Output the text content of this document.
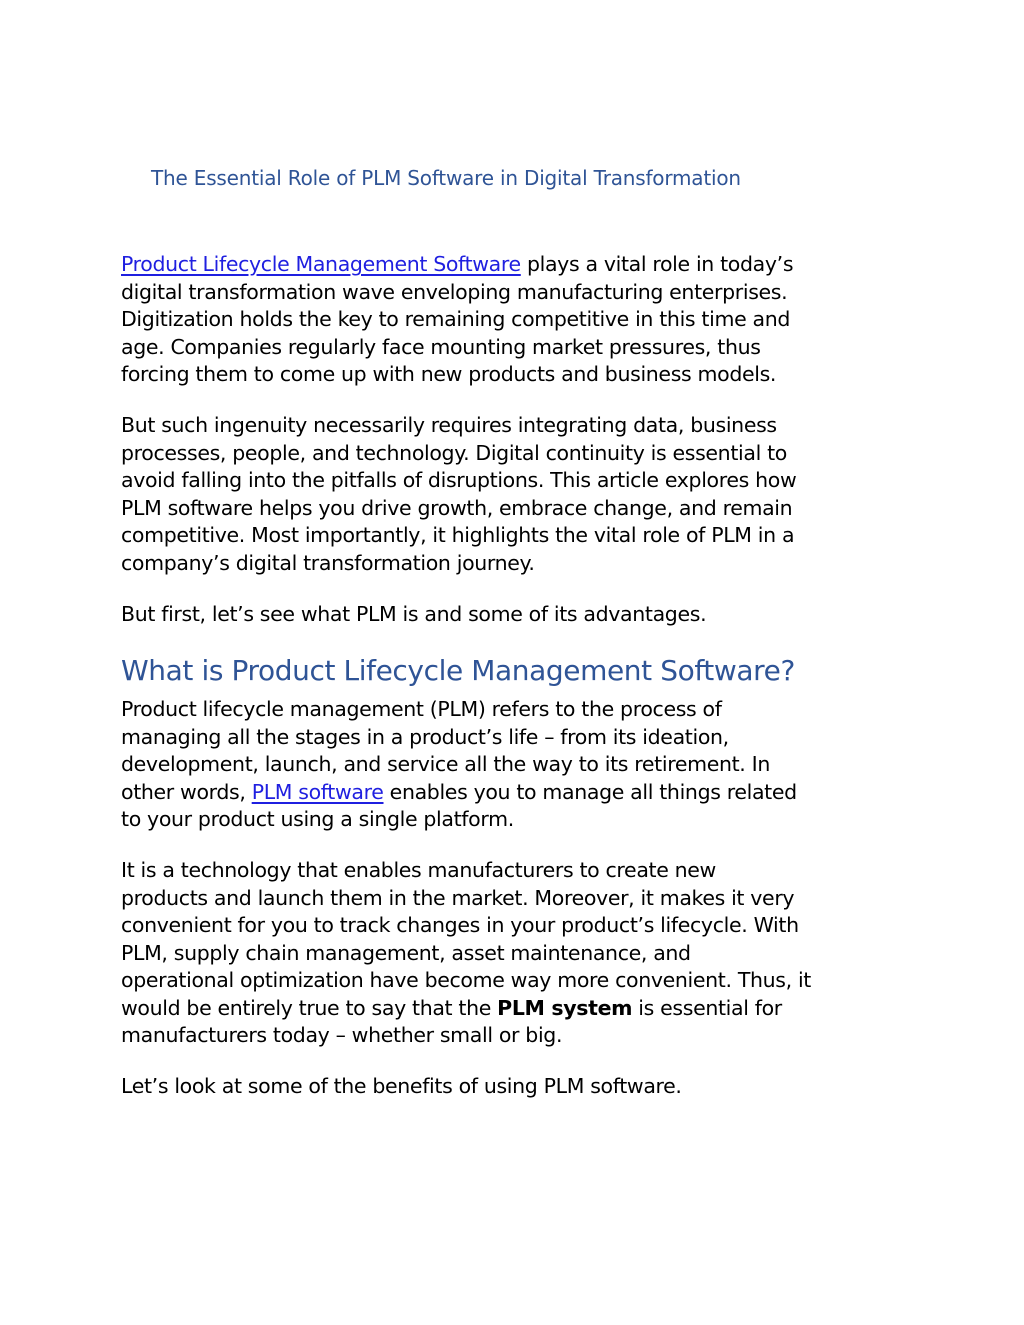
The Essential Role of PLM Software in Digital Transformation
Product Lifecycle Management Software plays a vital role in today’s
digital transformation wave enveloping manufacturing enterprises.
Digitization holds the key to remaining competitive in this time and
age. Companies regularly face mounting market pressures, thus
forcing them to come up with new products and business models.
But such ingenuity necessarily requires integrating data, business
processes, people, and technology. Digital continuity is essential to
avoid falling into the pitfalls of disruptions. This article explores how
PLM software helps you drive growth, embrace change, and remain
competitive. Most importantly, it highlights the vital role of PLM in a
company’s digital transformation journey.
But first, let’s see what PLM is and some of its advantages.
What is Product Lifecycle Management Software?
Product lifecycle management (PLM) refers to the process of
managing all the stages in a product’s life – from its ideation,
development, launch, and service all the way to its retirement. In
other words, PLM software enables you to manage all things related
to your product using a single platform.
It is a technology that enables manufacturers to create new
products and launch them in the market. Moreover, it makes it very
convenient for you to track changes in your product’s lifecycle. With
PLM, supply chain management, asset maintenance, and
operational optimization have become way more convenient. Thus, it
would be entirely true to say that the PLM system is essential for
manufacturers today – whether small or big.
Let’s look at some of the benefits of using PLM software.
